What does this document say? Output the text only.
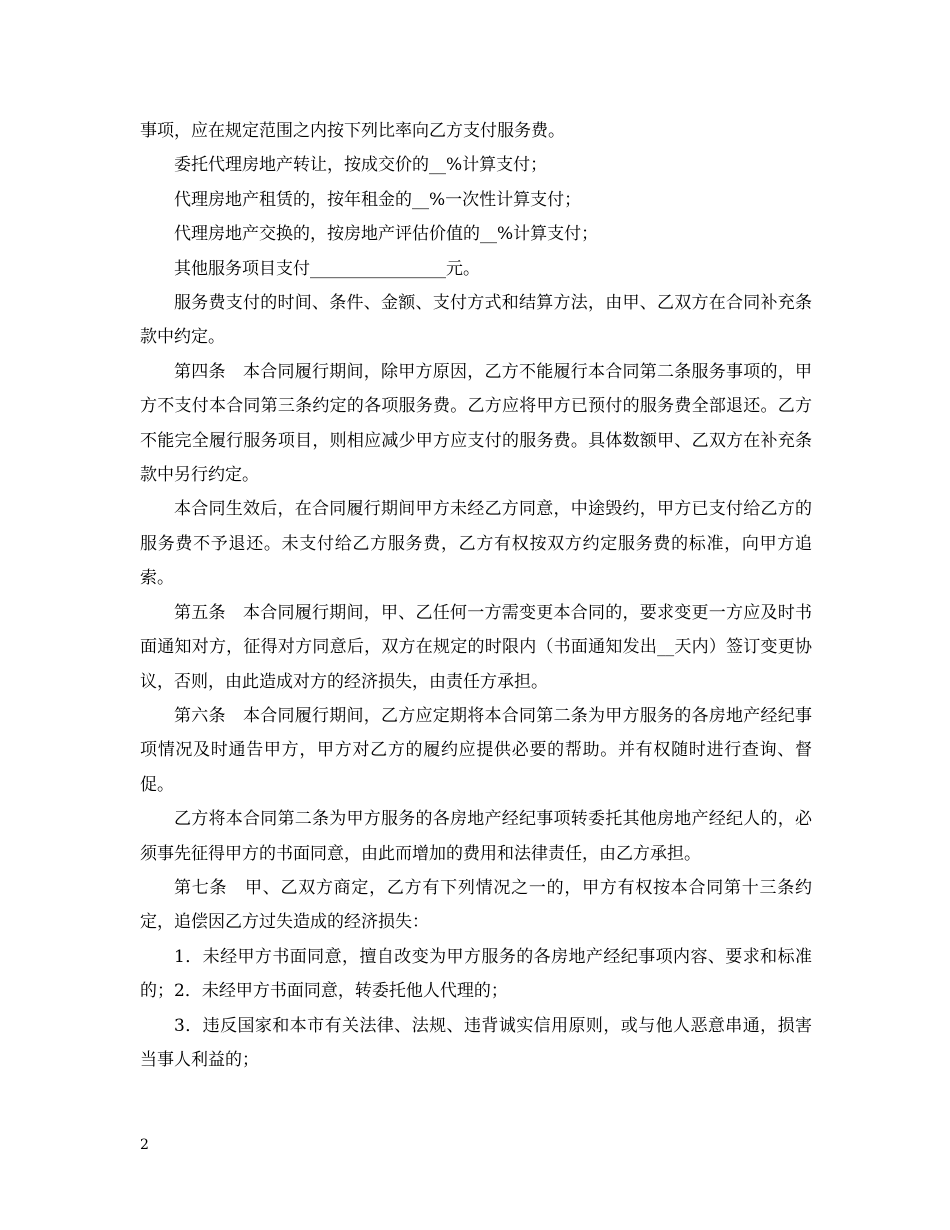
事项，应在规定范围之内按下列比率向乙方支付服务费。

委托代理房地产转让，按成交价的__%计算支付；

代理房地产租赁的，按年租金的__%一次性计算支付；

代理房地产交换的，按房地产评估价值的__%计算支付；

其他服务项目支付________________元。

服务费支付的时间、条件、金额、支付方式和结算方法，由甲、乙双方在合同补充条款中约定。

第四条　本合同履行期间，除甲方原因，乙方不能履行本合同第二条服务事项的，甲方不支付本合同第三条约定的各项服务费。乙方应将甲方已预付的服务费全部退还。乙方不能完全履行服务项目，则相应减少甲方应支付的服务费。具体数额甲、乙双方在补充条款中另行约定。

本合同生效后，在合同履行期间甲方未经乙方同意，中途毁约，甲方已支付给乙方的服务费不予退还。未支付给乙方服务费，乙方有权按双方约定服务费的标准，向甲方追索。

第五条　本合同履行期间，甲、乙任何一方需变更本合同的，要求变更一方应及时书面通知对方，征得对方同意后，双方在规定的时限内（书面通知发出__天内）签订变更协议，否则，由此造成对方的经济损失，由责任方承担。

第六条　本合同履行期间，乙方应定期将本合同第二条为甲方服务的各房地产经纪事项情况及时通告甲方，甲方对乙方的履约应提供必要的帮助。并有权随时进行查询、督促。

乙方将本合同第二条为甲方服务的各房地产经纪事项转委托其他房地产经纪人的，必须事先征得甲方的书面同意，由此而增加的费用和法律责任，由乙方承担。

第七条　甲、乙双方商定，乙方有下列情况之一的，甲方有权按本合同第十三条约定，追偿因乙方过失造成的经济损失：

1．未经甲方书面同意，擅自改变为甲方服务的各房地产经纪事项内容、要求和标准的；2．未经甲方书面同意，转委托他人代理的；

3．违反国家和本市有关法律、法规、违背诚实信用原则，或与他人恶意串通，损害当事人利益的；

2
